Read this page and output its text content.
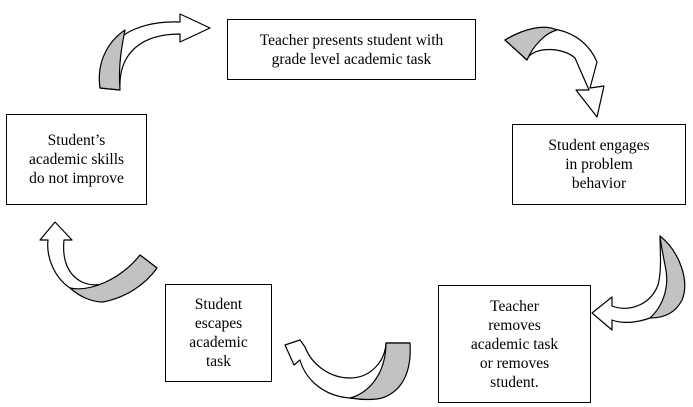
Teacher presents student with
grade level academic task
Student engages
in problem
behavior
Teacher
removes
academic task
or removes
student.
Student
escapes
academic
task
Student’s
academic skills
do not improve
